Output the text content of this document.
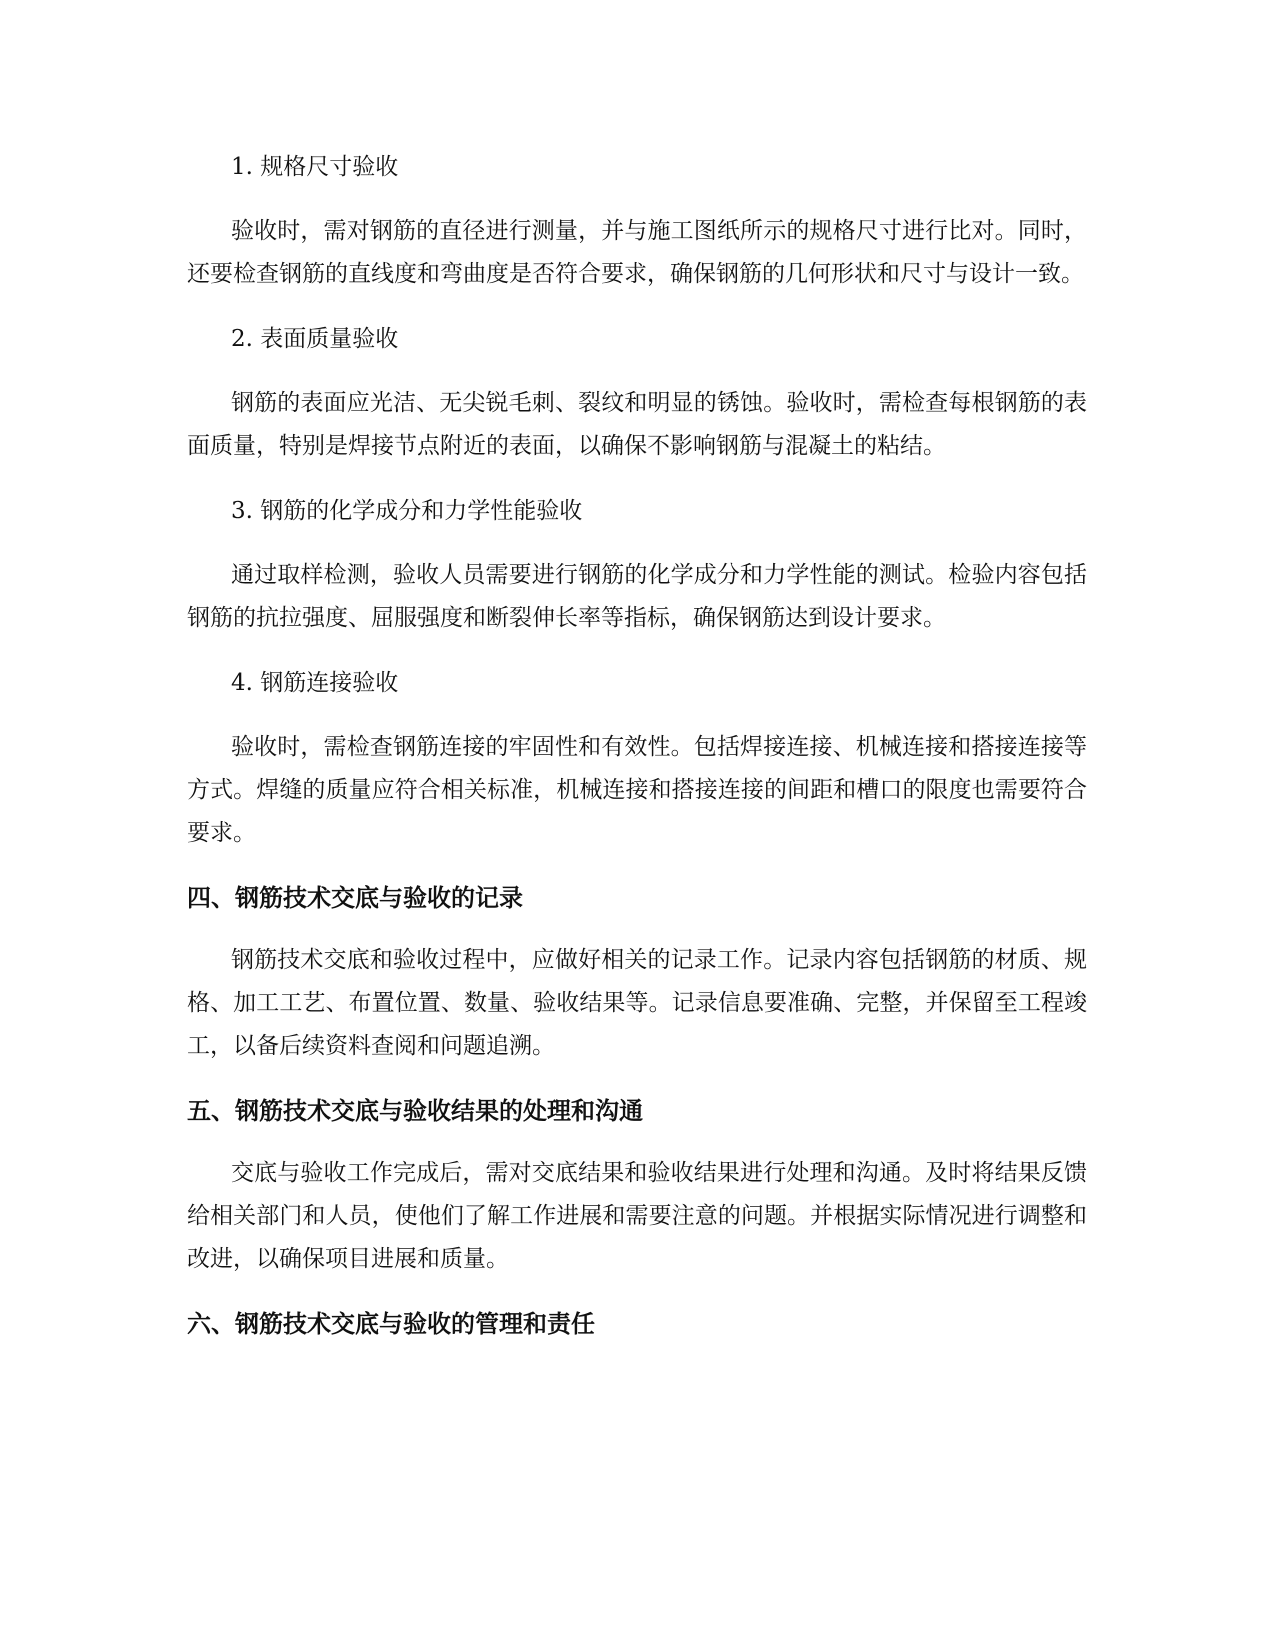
1. 规格尺寸验收

验收时，需对钢筋的直径进行测量，并与施工图纸所示的规格尺寸进行比对。同时，还要检查钢筋的直线度和弯曲度是否符合要求，确保钢筋的几何形状和尺寸与设计一致。

2. 表面质量验收

钢筋的表面应光洁、无尖锐毛刺、裂纹和明显的锈蚀。验收时，需检查每根钢筋的表面质量，特别是焊接节点附近的表面，以确保不影响钢筋与混凝土的粘结。

3. 钢筋的化学成分和力学性能验收

通过取样检测，验收人员需要进行钢筋的化学成分和力学性能的测试。检验内容包括钢筋的抗拉强度、屈服强度和断裂伸长率等指标，确保钢筋达到设计要求。

4. 钢筋连接验收

验收时，需检查钢筋连接的牢固性和有效性。包括焊接连接、机械连接和搭接连接等方式。焊缝的质量应符合相关标准，机械连接和搭接连接的间距和槽口的限度也需要符合要求。

四、钢筋技术交底与验收的记录

钢筋技术交底和验收过程中，应做好相关的记录工作。记录内容包括钢筋的材质、规格、加工工艺、布置位置、数量、验收结果等。记录信息要准确、完整，并保留至工程竣工，以备后续资料查阅和问题追溯。

五、钢筋技术交底与验收结果的处理和沟通

交底与验收工作完成后，需对交底结果和验收结果进行处理和沟通。及时将结果反馈给相关部门和人员，使他们了解工作进展和需要注意的问题。并根据实际情况进行调整和改进，以确保项目进展和质量。

六、钢筋技术交底与验收的管理和责任
